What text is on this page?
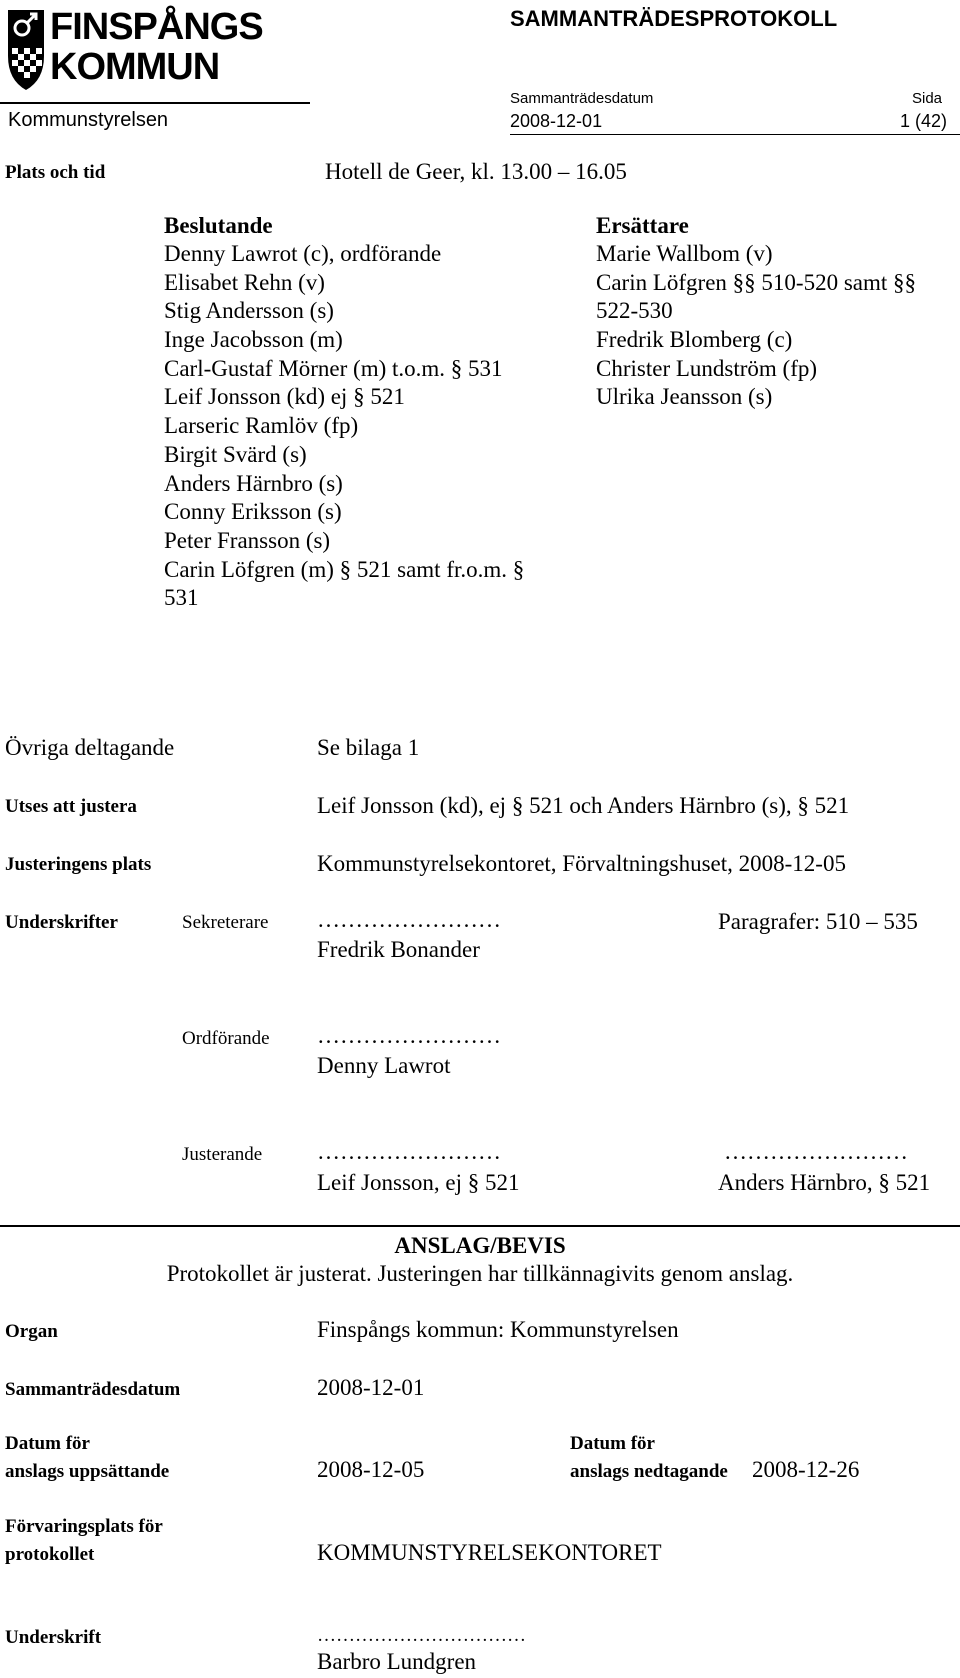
FINSPÅNGS
KOMMUN
Kommunstyrelsen
SAMMANTRÄDESPROTOKOLL
Sammanträdesdatum
2008-12-01
Sida
1 (42)
Plats och tid	Hotell de Geer, kl. 13.00 – 16.05
Beslutande
Denny Lawrot (c), ordförande
Elisabet Rehn (v)
Stig Andersson (s)
Inge Jacobsson (m)
Carl-Gustaf Mörner (m) t.o.m. § 531
Leif Jonsson (kd) ej § 521
Larseric Ramlöv (fp)
Birgit Svärd (s)
Anders Härnbro (s)
Conny Eriksson (s)
Peter Fransson (s)
Carin Löfgren (m) § 521 samt fr.o.m. §
531
Ersättare
Marie Wallbom (v)
Carin Löfgren §§ 510-520 samt §§
522-530
Fredrik Blomberg (c)
Christer Lundström (fp)
Ulrika Jeansson (s)
Övriga deltagande	Se bilaga 1
Utses att justera	Leif Jonsson (kd), ej § 521 och Anders Härnbro (s), § 521
Justeringens plats	Kommunstyrelsekontoret, Förvaltningshuset, 2008-12-05
Underskrifter	Sekreterare ……………………	Paragrafer: 510 – 535
Fredrik Bonander
Ordförande ……………………
Denny Lawrot
Justerande ……………………	……………………
Leif Jonsson, ej § 521	Anders Härnbro, § 521
ANSLAG/BEVIS
Protokollet är justerat. Justeringen har tillkännagivits genom anslag.
Organ	Finspångs kommun: Kommunstyrelsen
Sammanträdesdatum	2008-12-01
Datum för
anslags uppsättande	2008-12-05
Datum för
anslags nedtagande 2008-12-26
Förvaringsplats för
protokollet	KOMMUNSTYRELSEKONTORET
Underskrift	……………………………
Barbro Lundgren
